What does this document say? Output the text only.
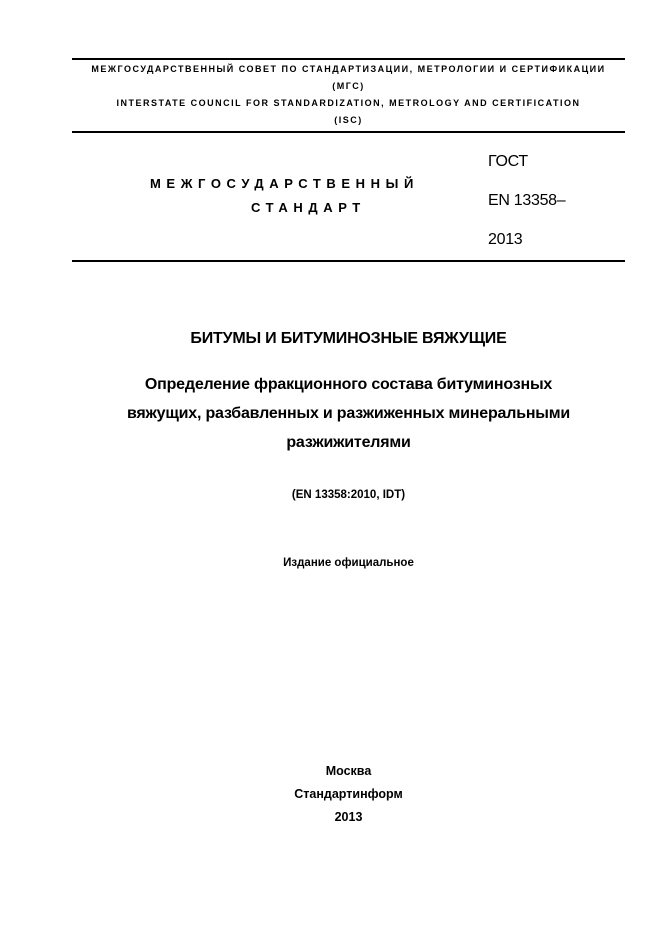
МЕЖГОСУДАРСТВЕННЫЙ СОВЕТ ПО СТАНДАРТИЗАЦИИ, МЕТРОЛОГИИ И СЕРТИФИКАЦИИ
(МГС)
INTERSTATE COUNCIL FOR STANDARDIZATION, METROLOGY AND CERTIFICATION
(ISC)
МЕЖГОСУДАРСТВЕННЫЙ
СТАНДАРТ
ГОСТ
EN 13358–
2013
БИТУМЫ И БИТУМИНОЗНЫЕ ВЯЖУЩИЕ
Определение фракционного состава битуминозных
вяжущих, разбавленных и разжиженных минеральными
разжижителями
(EN 13358:2010, IDT)
Издание официальное
Москва
Стандартинформ
2013
